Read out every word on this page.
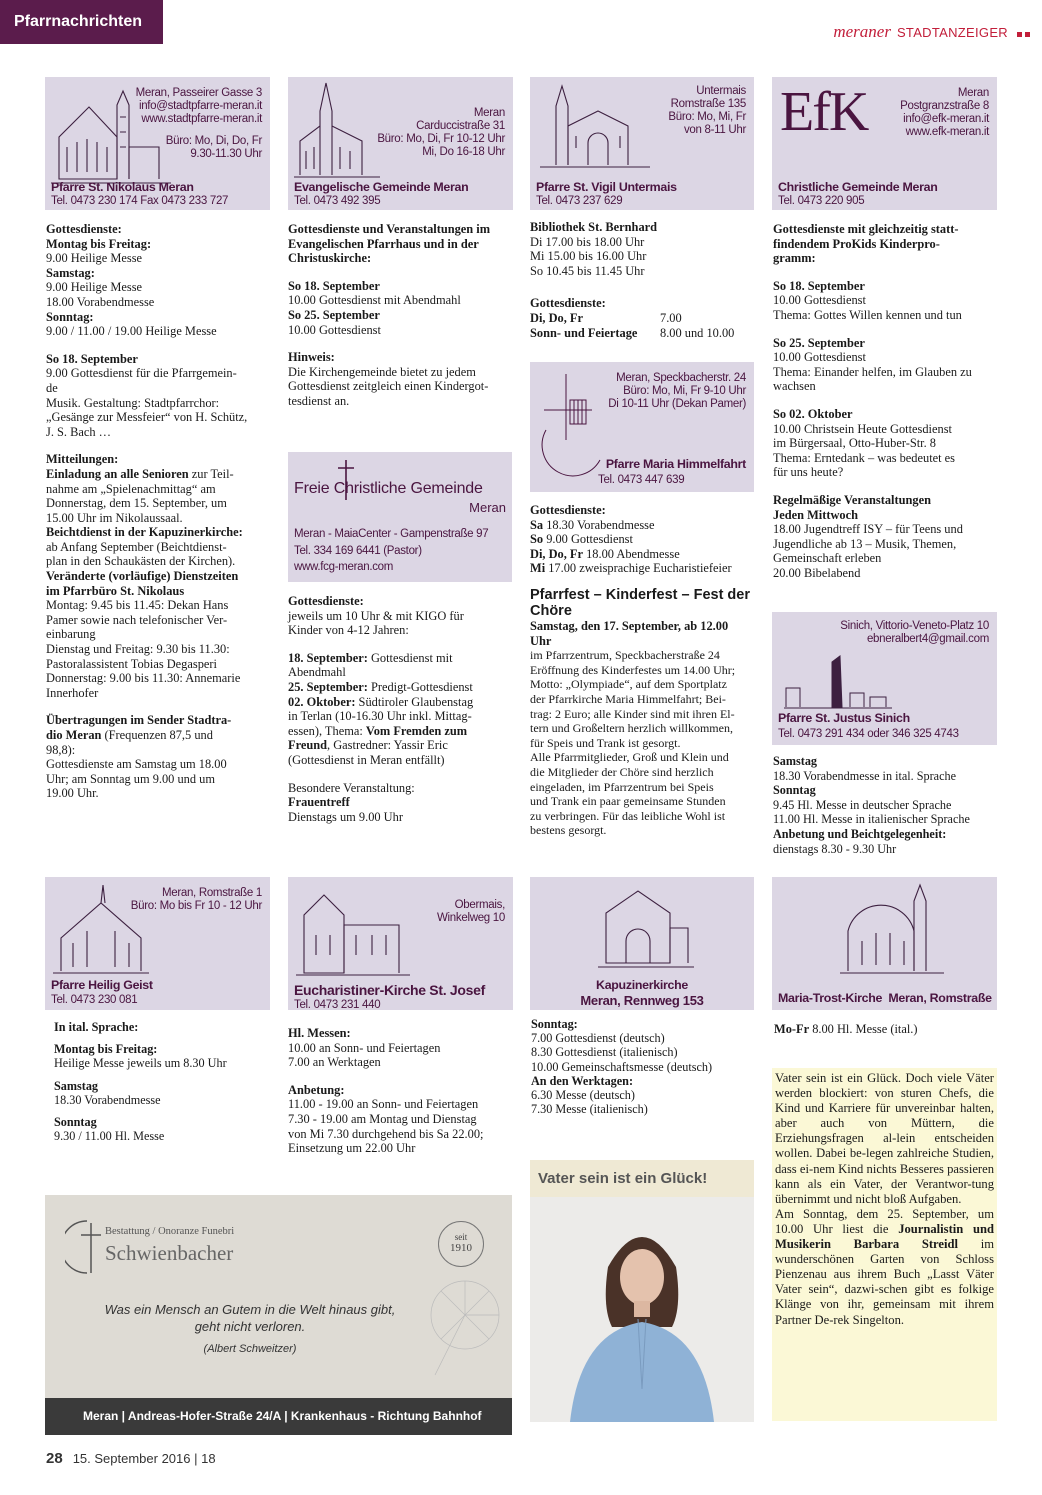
Pfarrnachrichten
meraner STADTANZEIGER
Meran, Passeirer Gasse 3
info@stadtpfarre-meran.it
www.stadtpfarre-meran.it
Büro: Mo, Di, Do, Fr
9.30-11.30 Uhr
Pfarre St. Nikolaus Meran
Tel. 0473 230 174 Fax 0473 233 727
Meran
Carduccistraße 31
Büro: Mo, Di, Fr 10-12 Uhr
Mi, Do 16-18 Uhr
Evangelische Gemeinde Meran
Tel. 0473 492 395
Untermais
Romstraße 135
Büro: Mo, Mi, Fr
von 8-11 Uhr
Pfarre St. Vigil Untermais
Tel. 0473 237 629
EfK	Meran
Postgranzstraße 8
info@efk-meran.it
www.efk-meran.it
Christliche Gemeinde Meran
Tel. 0473 220 905

Gottesdienste:

Montag bis Freitag:

9.00 Heilige Messe

Samstag:

9.00 Heilige Messe

18.00 Vorabendmesse

Sonntag:

9.00 / 11.00 / 19.00 Heilige Messe

So 18. September

9.00 Gottesdienst für die Pfarrgemein-

de

Musik. Gestaltung: Stadtpfarrchor:

„Gesänge zur Messfeier“ von H. Schütz,

J. S. Bach …

Mitteilungen:

Einladung an alle Senioren zur Teil-

nahme am „Spielenachmittag“ am

Donnerstag, dem 15. September, um

15.00 Uhr im Nikolaussaal.

Beichtdienst in der Kapuzinerkirche:

ab Anfang September (Beichtdienst-

plan in den Schaukästen der Kirchen).

Veränderte (vorläufige) Dienstzeiten

im Pfarrbüro St. Nikolaus

Montag: 9.45 bis 11.45: Dekan Hans

Pamer sowie nach telefonischer Ver-

einbarung

Dienstag und Freitag: 9.30 bis 11.30:

Pastoralassistent Tobias Degasperi

Donnerstag: 9.00 bis 11.30: Annemarie

Innerhofer

Übertragungen im Sender Stadtra-

dio Meran (Frequenzen 87,5 und

98,8):

Gottesdienste am Samstag um 18.00

Uhr; am Sonntag um 9.00 und um

19.00 Uhr.

Gottesdienste und Veranstaltungen im

Evangelischen Pfarrhaus und in der

Christuskirche:

So 18. September

10.00 Gottesdienst mit Abendmahl

So 25. September

10.00 Gottesdienst

Hinweis:

Die Kirchengemeinde bietet zu jedem

Gottesdienst zeitgleich einen Kindergot-

tesdienst an.

Freie Christliche Gemeinde
Meran
Meran - MaiaCenter - Gampenstraße 97
Tel. 334 169 6441 (Pastor)
www.fcg-meran.com

Gottesdienste:

jeweils um 10 Uhr & mit KIGO für

Kinder von 4-12 Jahren:

18. September: Gottesdienst mit

Abendmahl

25. September: Predigt-Gottesdienst

02. Oktober: Südtiroler Glaubenstag

in Terlan (10-16.30 Uhr inkl. Mittag-

essen), Thema: Vom Fremden zum

Freund, Gastredner: Yassir Eric

(Gottesdienst in Meran entfällt)

Besondere Veranstaltung:

Frauentreff

Dienstags um 9.00 Uhr

Bibliothek St. Bernhard

Di 17.00 bis 18.00 Uhr

Mi 15.00 bis 16.00 Uhr

So 10.45 bis 11.45 Uhr

Gottesdienste:

Di, Do, Fr	7.00

Sonn- und Feiertage 8.00 und 10.00

Meran, Speckbacherstr. 24
Büro: Mo, Mi, Fr 9-10 Uhr
Di 10-11 Uhr (Dekan Pamer)
Pfarre Maria Himmelfahrt
Tel. 0473 447 639

Gottesdienste:

Sa 18.30 Vorabendmesse

So 9.00 Gottesdienst

Di, Do, Fr 18.00 Abendmesse

Mi 17.00 zweisprachige Eucharistiefeier

Pfarrfest – Kinderfest – Fest der
Chöre

Samstag, den 17. September, ab 12.00

Uhr

im Pfarrzentrum, Speckbacherstraße 24

Eröffnung des Kinderfestes um 14.00 Uhr;

Motto: „Olympiade“, auf dem Sportplatz

der Pfarrkirche Maria Himmelfahrt; Bei-

trag: 2 Euro; alle Kinder sind mit ihren El-

tern und Großeltern herzlich willkommen,

für Speis und Trank ist gesorgt.

Alle Pfarrmitglieder, Groß und Klein und

die Mitglieder der Chöre sind herzlich

eingeladen, im Pfarrzentrum bei Speis

und Trank ein paar gemeinsame Stunden

zu verbringen. Für das leibliche Wohl ist

bestens gesorgt.

Gottesdienste mit gleichzeitig statt-

findendem ProKids Kinderpro-

gramm:

So 18. September

10.00 Gottesdienst

Thema: Gottes Willen kennen und tun

So 25. September

10.00 Gottesdienst

Thema: Einander helfen, im Glauben zu

wachsen

So 02. Oktober

10.00 Christsein Heute Gottesdienst

im Bürgersaal, Otto-Huber-Str. 8

Thema: Erntedank – was bedeutet es

für uns heute?

Regelmäßige Veranstaltungen

Jeden Mittwoch

18.00 Jugendtreff ISY – für Teens und

Jugendliche ab 13 – Musik, Themen,

Gemeinschaft erleben

20.00 Bibelabend

Sinich, Vittorio-Veneto-Platz 10
ebneralbert4@gmail.com
Pfarre St. Justus Sinich
Tel. 0473 291 434 oder 346 325 4743

Samstag

18.30 Vorabendmesse in ital. Sprache

Sonntag

9.45 Hl. Messe in deutscher Sprache

11.00 Hl. Messe in italienischer Sprache

Anbetung und Beichtgelegenheit:

dienstags 8.30 - 9.30 Uhr

Meran, Romstraße 1
Büro: Mo bis Fr 10 - 12 Uhr
Pfarre Heilig Geist
Tel. 0473 230 081
Obermais,
Winkelweg 10
Eucharistiner-Kirche St. Josef
Tel. 0473 231 440
Kapuzinerkirche
Meran, Rennweg 153	Maria-Trost-Kirche Meran, Romstraße

In ital. Sprache:

Montag bis Freitag:

Heilige Messe jeweils um 8.30 Uhr

Samstag

18.30 Vorabendmesse

Sonntag

9.30 / 11.00 Hl. Messe

Hl. Messen:

10.00 an Sonn- und Feiertagen

7.00 an Werktagen

Anbetung:

11.00 - 19.00 an Sonn- und Feiertagen

7.30 - 19.00 am Montag und Dienstag

von Mi 7.30 durchgehend bis Sa 22.00;

Einsetzung um 22.00 Uhr

Sonntag:

7.00 Gottesdienst (deutsch)

8.30 Gottesdienst (italienisch)

10.00 Gemeinschaftsmesse (deutsch)

An den Werktagen:

6.30 Messe (deutsch)

7.30 Messe (italienisch)

Mo-Fr 8.00 Hl. Messe (ital.)

Bestattung / Onoranze Funebri
Schwienbacher
seit
1910
Was ein Mensch an Gutem in die Welt hinaus gibt,
geht nicht verloren.
(Albert Schweitzer)
Meran | Andreas-Hofer-Straße 24/A | Krankenhaus - Richtung Bahnhof
Vater sein ist ein Glück!

Vater sein ist ein Glück. Doch viele Väter werden blockiert: von sturen Chefs, die Kind und Karriere für unvereinbar halten, aber auch von Müttern, die Erziehungsfragen al-lein entscheiden wollen. Dabei be-legen zahlreiche Studien, dass ei-nem Kind nichts Besseres passieren kann als ein Vater, der Verantwor-tung übernimmt und nicht bloß Aufgaben.

Am Sonntag, dem 25. September, um 10.00 Uhr liest die Journalistin und Musikerin Barbara Streidl im wunderschönen Garten von Schloss Pienzenau aus ihrem Buch „Lasst Väter Vater sein“, dazwi-schen gibt es folkige Klänge von ihr, gemeinsam mit ihrem Partner De-rek Singelton.

28 15. September 2016 | 18
